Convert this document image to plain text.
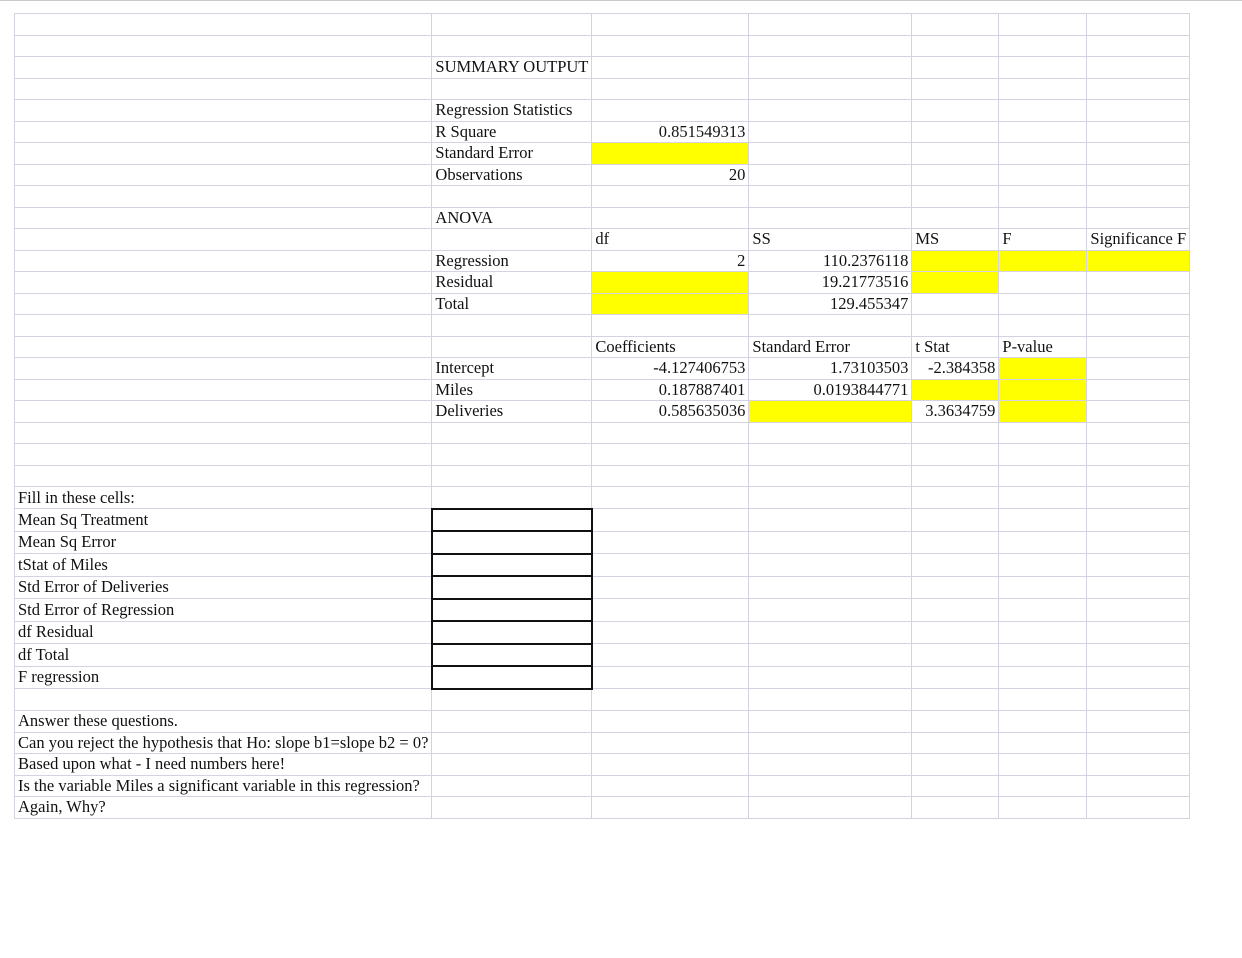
	SUMMARY OUTPUT					

	Regression Statistics					
	R Square	0.851549313				
	Standard Error					
	Observations	20				

	ANOVA					
		df	SS	MS	F	Significance F
	Regression	2	110.2376118			
	Residual		19.21773516			
	Total		129.455347			

		Coefficients	Standard Error	t Stat	P-value	
	Intercept	-4.127406753	1.73103503	-2.384358		
	Miles	0.187887401	0.0193844771			
	Deliveries	0.585635036		3.3634759		

Fill in these cells:						
Mean Sq Treatment						
Mean Sq Error						
tStat of Miles						
Std Error of Deliveries						
Std Error of Regression						
df Residual						
df Total						
F regression						

Answer these questions.						
Can you reject the hypothesis that Ho: slope b1=slope b2 = 0?						
Based upon what - I need numbers here!						
Is the variable Miles a significant variable in this regression?						
Again, Why?						
